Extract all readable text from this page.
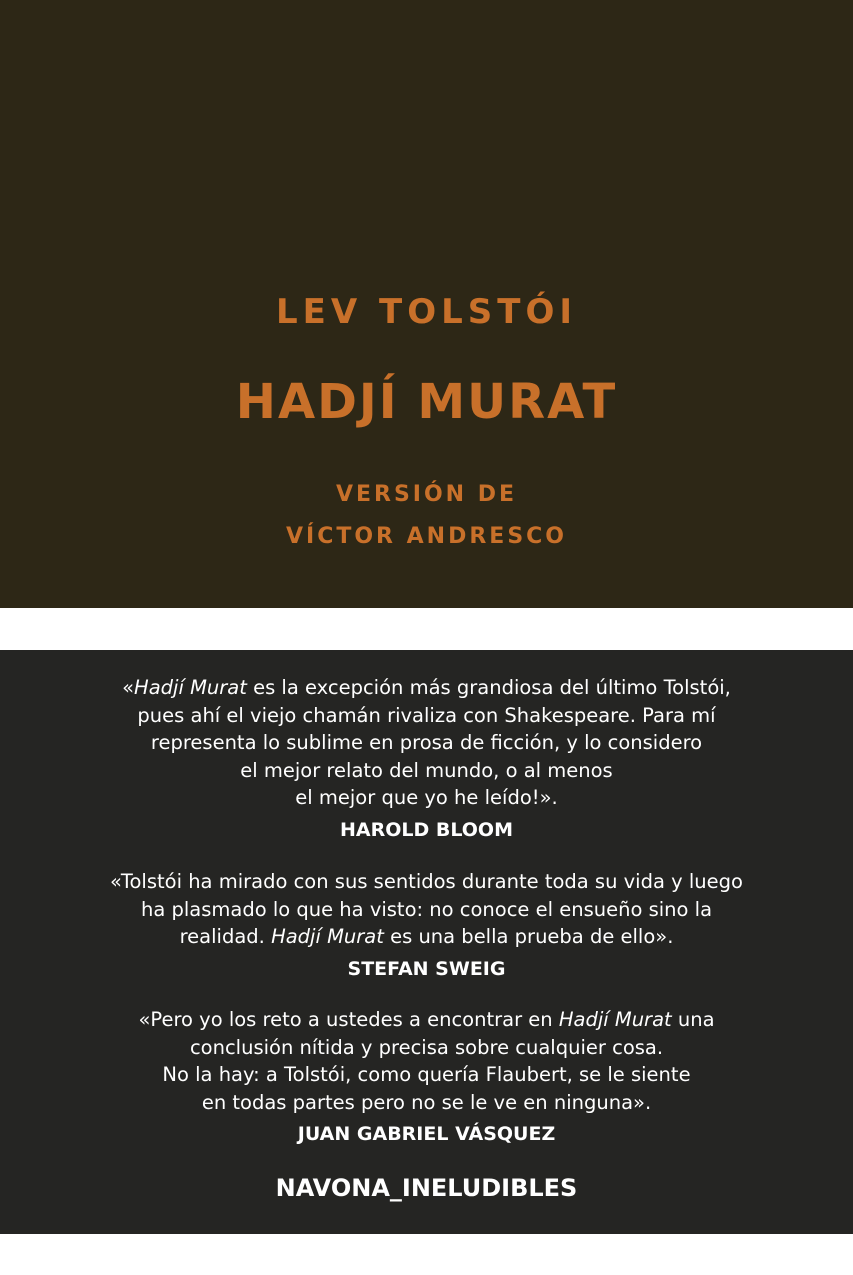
LEV TOLSTÓI
HADJÍ MURAT
VERSIÓN DE
VÍCTOR ANDRESCO
«Hadjí Murat es la excepción más grandiosa del último Tolstói,
pues ahí el viejo chamán rivaliza con Shakespeare. Para mí
representa lo sublime en prosa de ficción, y lo considero
el mejor relato del mundo, o al menos
el mejor que yo he leído!».
HAROLD BLOOM
«Tolstói ha mirado con sus sentidos durante toda su vida y luego
ha plasmado lo que ha visto: no conoce el ensueño sino la
realidad. Hadjí Murat es una bella prueba de ello».
STEFAN SWEIG
«Pero yo los reto a ustedes a encontrar en Hadjí Murat una
conclusión nítida y precisa sobre cualquier cosa.
No la hay: a Tolstói, como quería Flaubert, se le siente
en todas partes pero no se le ve en ninguna».
JUAN GABRIEL VÁSQUEZ
NAVONA_INELUDIBLES
